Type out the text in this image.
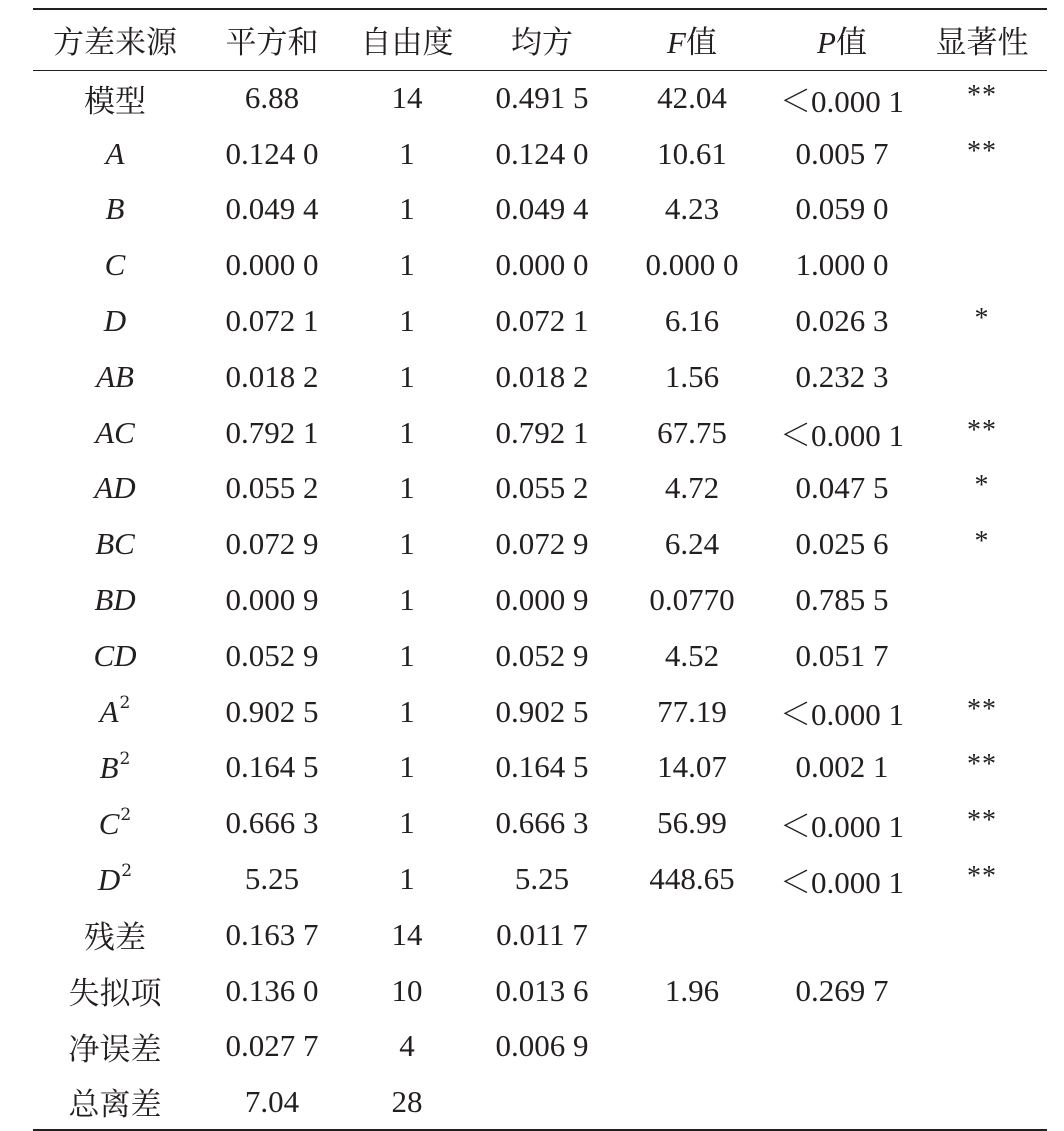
方差来源	平方和	自由度	均方	F值	P值	显著性
模型	6.88	14	0.491 5	42.04	＜0.000 1	**
A	0.124 0	1	0.124 0	10.61	0.005 7	**
B	0.049 4	1	0.049 4	4.23	0.059 0	
C	0.000 0	1	0.000 0	0.000 0	1.000 0	
D	0.072 1	1	0.072 1	6.16	0.026 3	*
AB	0.018 2	1	0.018 2	1.56	0.232 3	
AC	0.792 1	1	0.792 1	67.75	＜0.000 1	**
AD	0.055 2	1	0.055 2	4.72	0.047 5	*
BC	0.072 9	1	0.072 9	6.24	0.025 6	*
BD	0.000 9	1	0.000 9	0.0770	0.785 5	
CD	0.052 9	1	0.052 9	4.52	0.051 7	
$A^2$	0.902 5	1	0.902 5	77.19	＜0.000 1	**
$B^2$	0.164 5	1	0.164 5	14.07	0.002 1	**
$C^2$	0.666 3	1	0.666 3	56.99	＜0.000 1	**
$D^2$	5.25	1	5.25	448.65	＜0.000 1	**
残差	0.163 7	14	0.011 7			
失拟项	0.136 0	10	0.013 6	1.96	0.269 7	
净误差	0.027 7	4	0.006 9			
总离差	7.04	28				
